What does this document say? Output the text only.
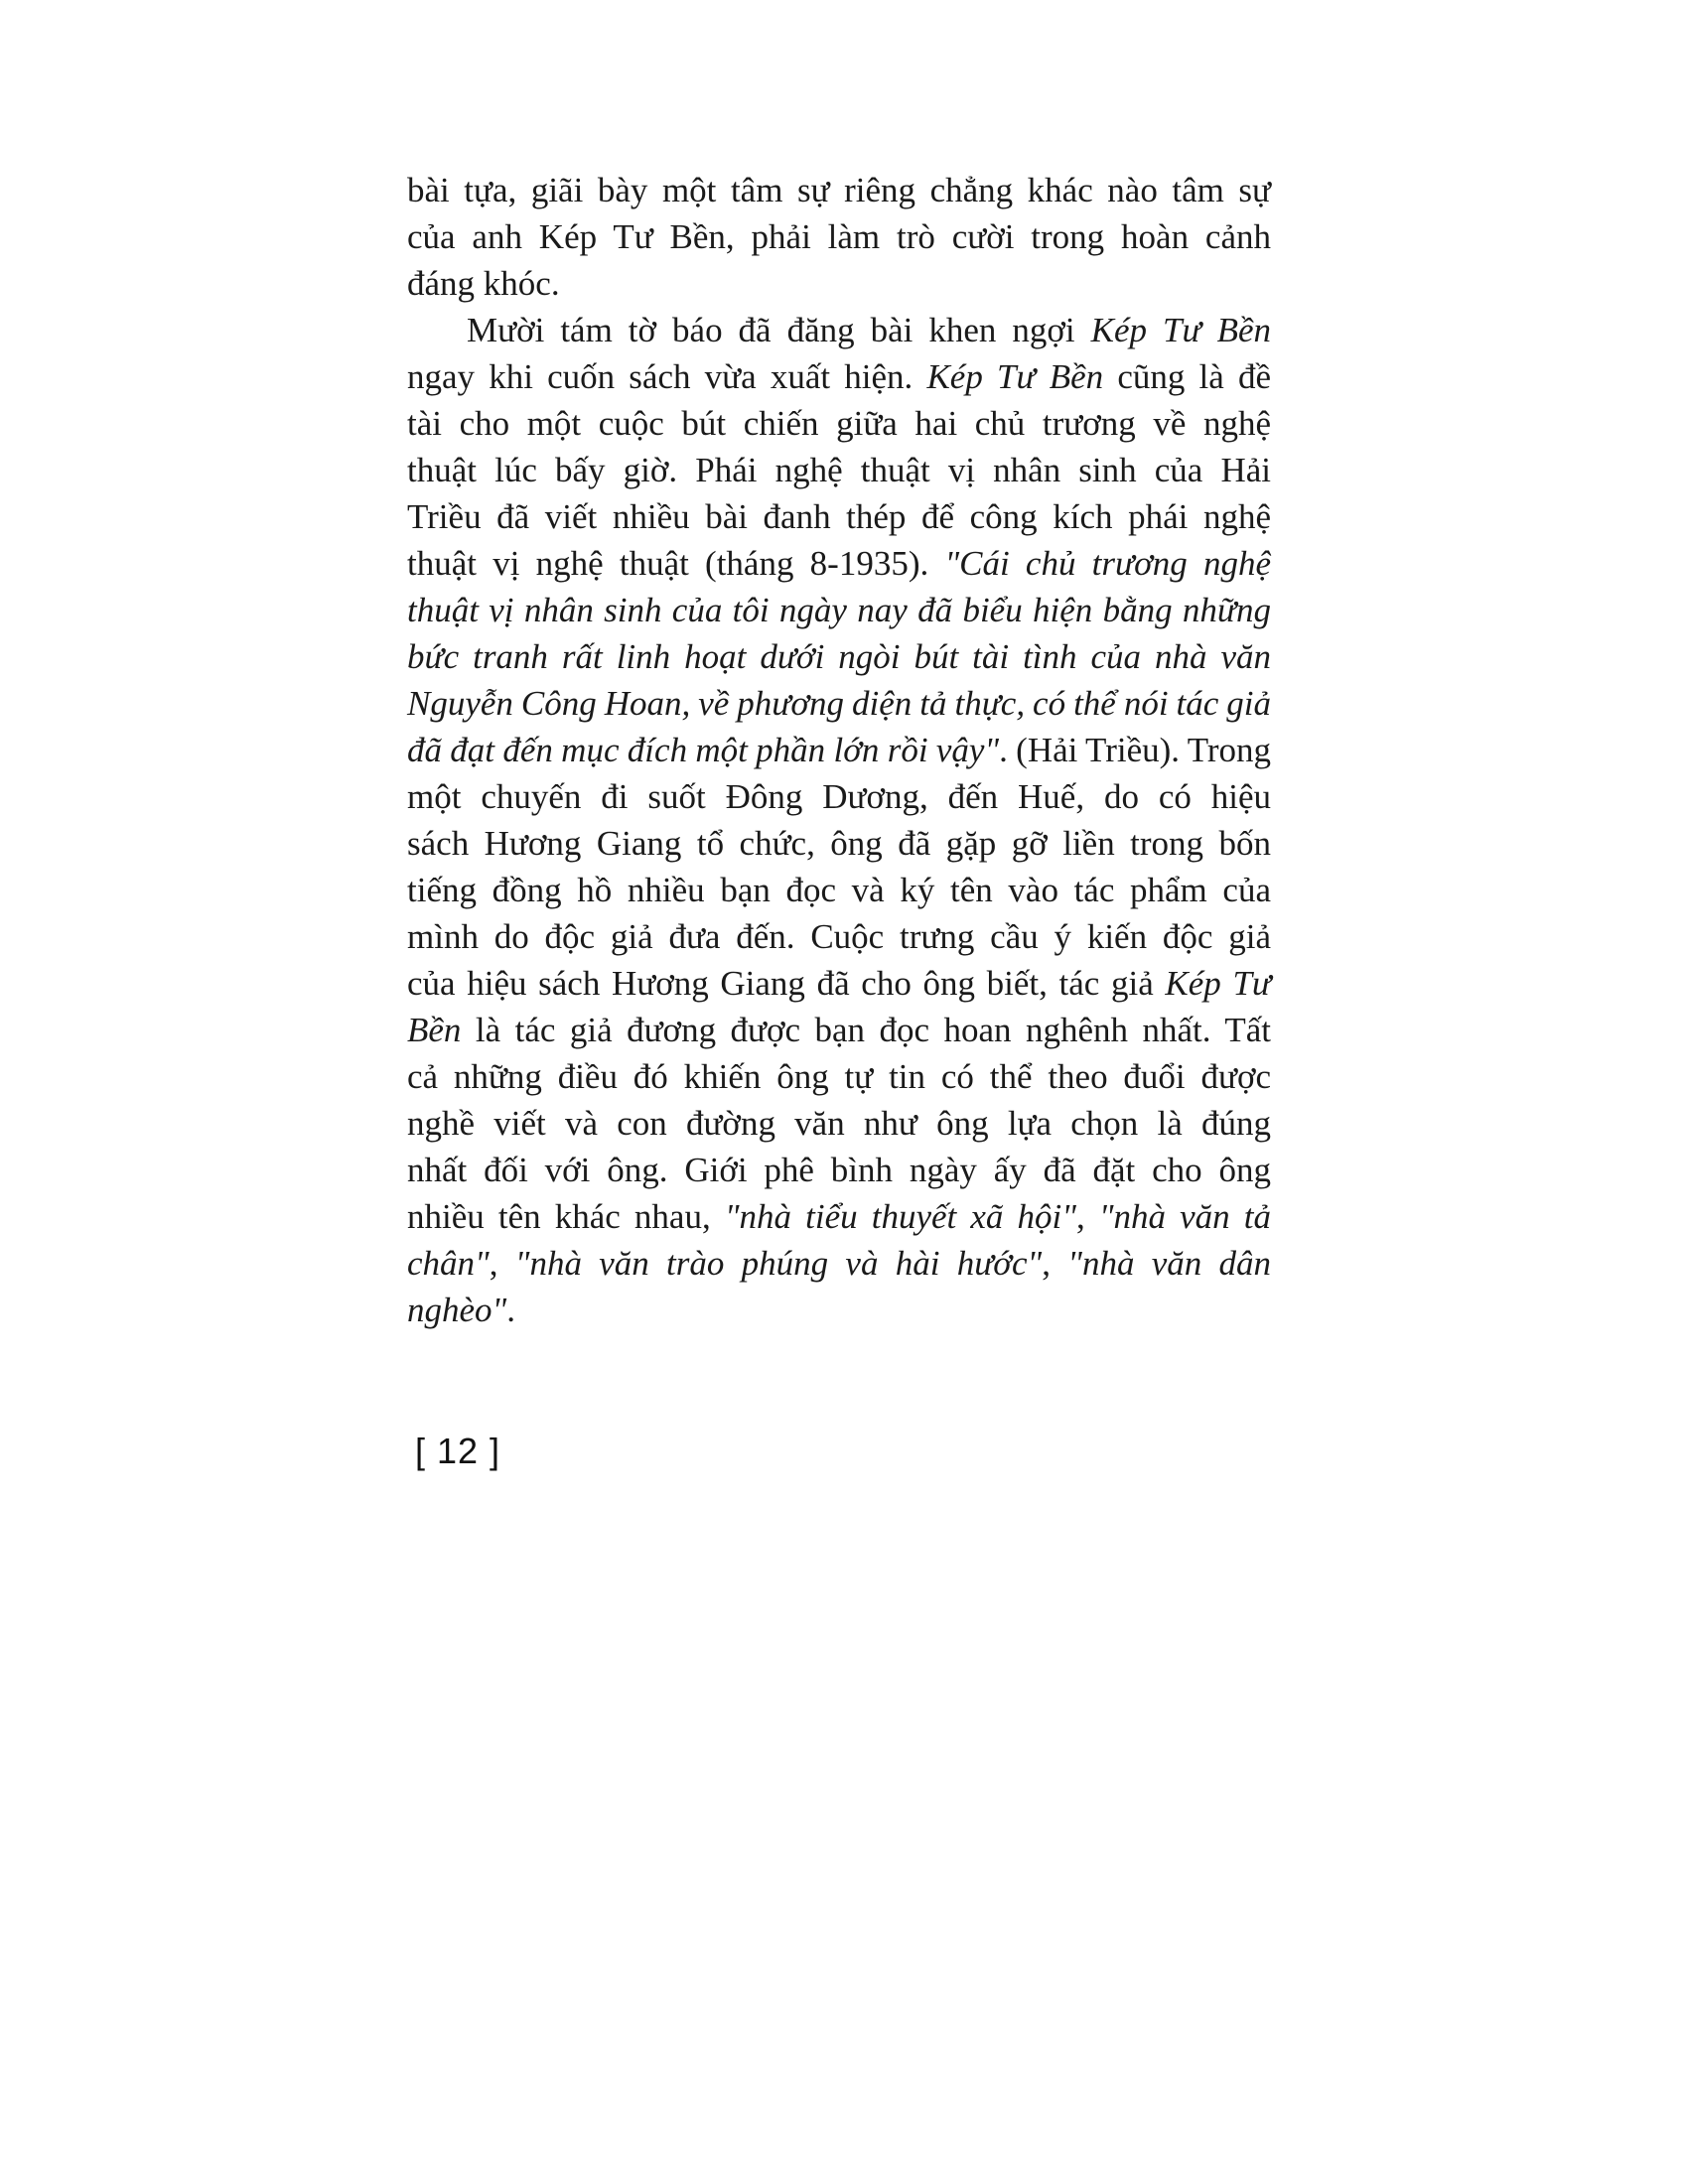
bài tựa, giãi bày một tâm sự riêng chẳng khác nào tâm sự
của anh Kép Tư Bền, phải làm trò cười trong hoàn cảnh
đáng khóc.
Mười tám tờ báo đã đăng bài khen ngợi Kép Tư Bền
ngay khi cuốn sách vừa xuất hiện. Kép Tư Bền cũng là đề
tài cho một cuộc bút chiến giữa hai chủ trương về nghệ
thuật lúc bấy giờ. Phái nghệ thuật vị nhân sinh của Hải
Triều đã viết nhiều bài đanh thép để công kích phái nghệ
thuật vị nghệ thuật (tháng 8-1935). "Cái chủ trương nghệ
thuật vị nhân sinh của tôi ngày nay đã biểu hiện bằng những
bức tranh rất linh hoạt dưới ngòi bút tài tình của nhà văn
Nguyễn Công Hoan, về phương diện tả thực, có thể nói tác giả
đã đạt đến mục đích một phần lớn rồi vậy". (Hải Triều). Trong
một chuyến đi suốt Đông Dương, đến Huế, do có hiệu
sách Hương Giang tổ chức, ông đã gặp gỡ liền trong bốn
tiếng đồng hồ nhiều bạn đọc và ký tên vào tác phẩm của
mình do độc giả đưa đến. Cuộc trưng cầu ý kiến độc giả
của hiệu sách Hương Giang đã cho ông biết, tác giả Kép Tư
Bền là tác giả đương được bạn đọc hoan nghênh nhất. Tất
cả những điều đó khiến ông tự tin có thể theo đuổi được
nghề viết và con đường văn như ông lựa chọn là đúng
nhất đối với ông. Giới phê bình ngày ấy đã đặt cho ông
nhiều tên khác nhau, "nhà tiểu thuyết xã hội", "nhà văn tả
chân", "nhà văn trào phúng và hài hước", "nhà văn dân
nghèo".
[ 12 ]
